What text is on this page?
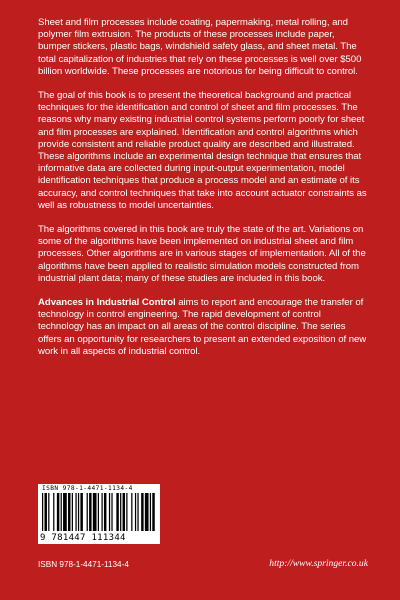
Sheet and film processes include coating, papermaking, metal rolling, and polymer film extrusion. The products of these processes include paper, bumper stickers, plastic bags, windshield safety glass, and sheet metal. The total capitalization of industries that rely on these processes is well over $500 billion worldwide. These processes are notorious for being difficult to control.

The goal of this book is to present the theoretical background and practical techniques for the identification and control of sheet and film processes. The reasons why many existing industrial control systems perform poorly for sheet and film processes are explained. Identification and control algorithms which provide consistent and reliable product quality are described and illustrated. These algorithms include an experimental design technique that ensures that informative data are collected during input-output experimentation, model identification techniques that produce a process model and an estimate of its accuracy, and control techniques that take into account actuator constraints as well as robustness to model uncertainties.

The algorithms covered in this book are truly the state of the art. Variations on some of the algorithms have been implemented on industrial sheet and film processes. Other algorithms are in various stages of implementation. All of the algorithms have been applied to realistic simulation models constructed from industrial plant data; many of these studies are included in this book.

Advances in Industrial Control aims to report and encourage the transfer of technology in control engineering. The rapid development of control technology has an impact on all areas of the control discipline. The series offers an opportunity for researchers to present an extended exposition of new work in all aspects of industrial control.

ISBN 978-1-4471-1134-4
9 781447 111344
ISBN 978-1-4471-1134-4	http://www.springer.co.uk
